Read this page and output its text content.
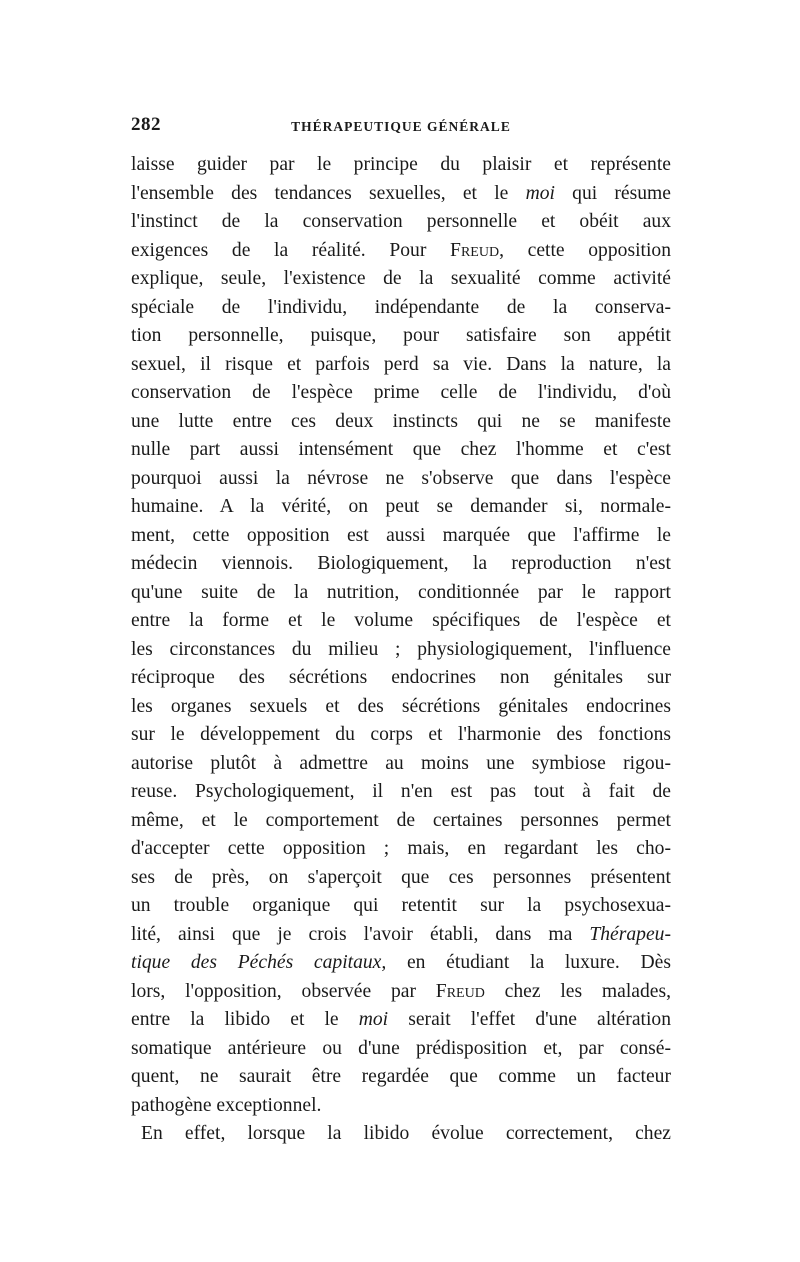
282	THÉRAPEUTIQUE GÉNÉRALE
laisse guider par le principe du plaisir et représente
l'ensemble des tendances sexuelles, et le moi qui résume
l'instinct de la conservation personnelle et obéit aux
exigences de la réalité. Pour Freud, cette opposition
explique, seule, l'existence de la sexualité comme activité
spéciale de l'individu, indépendante de la conserva-
tion personnelle, puisque, pour satisfaire son appétit
sexuel, il risque et parfois perd sa vie. Dans la nature, la
conservation de l'espèce prime celle de l'individu, d'où
une lutte entre ces deux instincts qui ne se manifeste
nulle part aussi intensément que chez l'homme et c'est
pourquoi aussi la névrose ne s'observe que dans l'espèce
humaine. A la vérité, on peut se demander si, normale-
ment, cette opposition est aussi marquée que l'affirme le
médecin viennois. Biologiquement, la reproduction n'est
qu'une suite de la nutrition, conditionnée par le rapport
entre la forme et le volume spécifiques de l'espèce et
les circonstances du milieu ; physiologiquement, l'influence
réciproque des sécrétions endocrines non génitales sur
les organes sexuels et des sécrétions génitales endocrines
sur le développement du corps et l'harmonie des fonctions
autorise plutôt à admettre au moins une symbiose rigou-
reuse. Psychologiquement, il n'en est pas tout à fait de
même, et le comportement de certaines personnes permet
d'accepter cette opposition ; mais, en regardant les cho-
ses de près, on s'aperçoit que ces personnes présentent
un trouble organique qui retentit sur la psychosexua-
lité, ainsi que je crois l'avoir établi, dans ma Thérapeu-
tique des Péchés capitaux, en étudiant la luxure. Dès
lors, l'opposition, observée par Freud chez les malades,
entre la libido et le moi serait l'effet d'une altération
somatique antérieure ou d'une prédisposition et, par consé-
quent, ne saurait être regardée que comme un facteur
pathogène exceptionnel.
En effet, lorsque la libido évolue correctement, chez
